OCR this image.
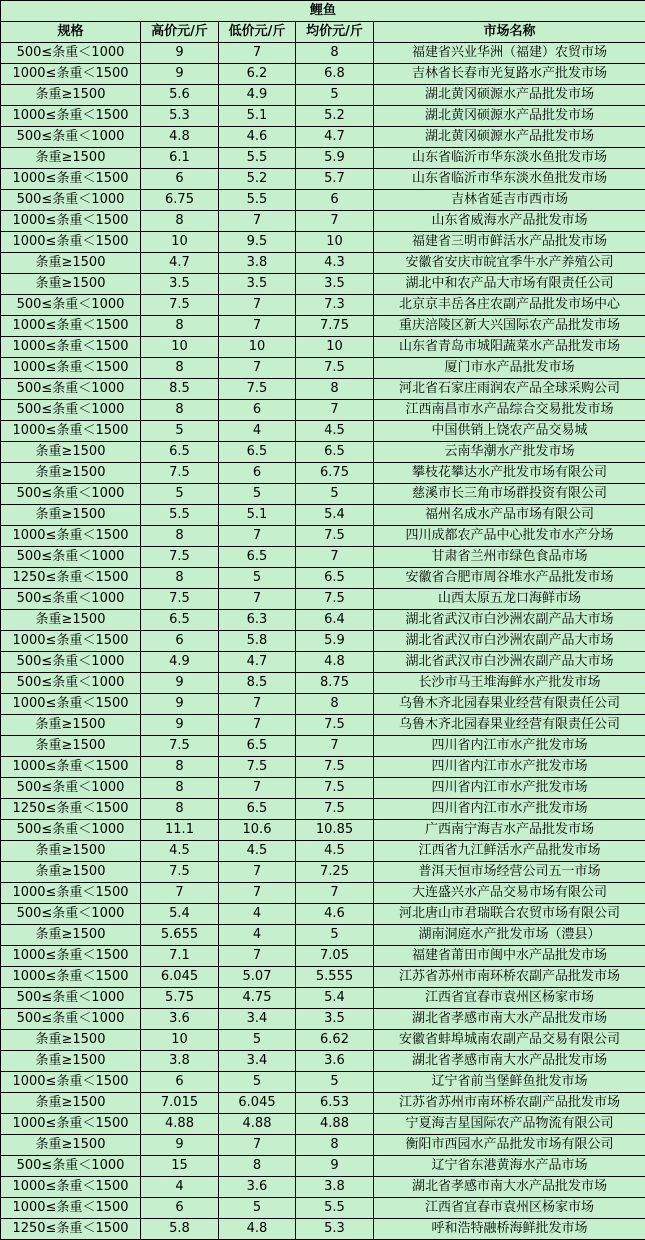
鲤鱼				
规格	高价元/斤	低价元/斤	均价元/斤	市场名称
500≤条重＜1000	9	7	8	福建省兴业华洲（福建）农贸市场
1000≤条重＜1500	9	6.2	6.8	吉林省长春市光复路水产批发市场
条重≥1500	5.6	4.9	5	湖北黄冈硕源水产品批发市场
1000≤条重＜1500	5.3	5.1	5.2	湖北黄冈硕源水产品批发市场
500≤条重＜1000	4.8	4.6	4.7	湖北黄冈硕源水产品批发市场
条重≥1500	6.1	5.5	5.9	山东省临沂市华东淡水鱼批发市场
1000≤条重＜1500	6	5.2	5.7	山东省临沂市华东淡水鱼批发市场
500≤条重＜1000	6.75	5.5	6	吉林省延吉市西市场
1000≤条重＜1500	8	7	7	山东省威海水产品批发市场
1000≤条重＜1500	10	9.5	10	福建省三明市鲜活水产品批发市场
条重≥1500	4.7	3.8	4.3	安徽省安庆市皖宜季牛水产养殖公司
条重≥1500	3.5	3.5	3.5	湖北中和农产品大市场有限责任公司
500≤条重＜1000	7.5	7	7.3	北京京丰岳各庄农副产品批发市场中心
1000≤条重＜1500	8	7	7.75	重庆涪陵区新大兴国际农产品批发市场
1000≤条重＜1500	10	10	10	山东省青岛市城阳蔬菜水产品批发市场
1000≤条重＜1500	8	7	7.5	厦门市水产品批发市场
500≤条重＜1000	8.5	7.5	8	河北省石家庄雨润农产品全球采购公司
500≤条重＜1000	8	6	7	江西南昌市水产品综合交易批发市场
1000≤条重＜1500	5	4	4.5	中国供销上饶农产品交易城
条重≥1500	6.5	6.5	6.5	云南华潮水产批发市场
条重≥1500	7.5	6	6.75	攀枝花攀达水产批发市场有限公司
500≤条重＜1000	5	5	5	慈溪市长三角市场群投资有限公司
条重≥1500	5.5	5.1	5.4	福州名成水产品市场有限公司
1000≤条重＜1500	8	7	7.5	四川成都农产品中心批发市水产分场
500≤条重＜1000	7.5	6.5	7	甘肃省兰州市绿色食品市场
1250≤条重＜1500	8	5	6.5	安徽省合肥市周谷堆水产品批发市场
500≤条重＜1000	7.5	7	7.5	山西太原五龙口海鲜市场
条重≥1500	6.5	6.3	6.4	湖北省武汉市白沙洲农副产品大市场
1000≤条重＜1500	6	5.8	5.9	湖北省武汉市白沙洲农副产品大市场
500≤条重＜1000	4.9	4.7	4.8	湖北省武汉市白沙洲农副产品大市场
500≤条重＜1000	9	8.5	8.75	长沙市马王堆海鲜水产批发市场
1000≤条重＜1500	9	7	8	乌鲁木齐北园春果业经营有限责任公司
条重≥1500	9	7	7.5	乌鲁木齐北园春果业经营有限责任公司
条重≥1500	7.5	6.5	7	四川省内江市水产批发市场
1000≤条重＜1500	8	7.5	7.5	四川省内江市水产批发市场
500≤条重＜1000	8	7	7.5	四川省内江市水产批发市场
1250≤条重＜1500	8	6.5	7.5	四川省内江市水产批发市场
500≤条重＜1000	11.1	10.6	10.85	广西南宁海吉水产品批发市场
条重≥1500	4.5	4.5	4.5	江西省九江鲜活水产品批发市场
条重≥1500	7.5	7	7.25	普洱天恒市场经营公司五一市场
1000≤条重＜1500	7	7	7	大连盛兴水产品交易市场有限公司
500≤条重＜1000	5.4	4	4.6	河北唐山市君瑞联合农贸市场有限公司
条重≥1500	5.655	4	5	湖南洞庭水产批发市场（澧县）
1000≤条重＜1500	7.1	7	7.05	福建省莆田市闽中水产品批发市场
1000≤条重＜1500	6.045	5.07	5.555	江苏省苏州市南环桥农副产品批发市场
500≤条重＜1000	5.75	4.75	5.4	江西省宜春市袁州区杨家市场
500≤条重＜1000	3.6	3.4	3.5	湖北省孝感市南大水产品批发市场
条重≥1500	10	5	6.62	安徽省蚌埠城南农副产品交易有限公司
条重≥1500	3.8	3.4	3.6	湖北省孝感市南大水产品批发市场
1000≤条重＜1500	6	5	5	辽宁省前当堡鲜鱼批发市场
条重≥1500	7.015	6.045	6.53	江苏省苏州市南环桥农副产品批发市场
1000≤条重＜1500	4.88	4.88	4.88	宁夏海吉星国际农产品物流有限公司
条重≥1500	9	7	8	衡阳市西园水产品批发市场有限公司
500≤条重＜1000	15	8	9	辽宁省东港黄海水产品市场
1000≤条重＜1500	4	3.6	3.8	湖北省孝感市南大水产品批发市场
1000≤条重＜1500	6	5	5.5	江西省宜春市袁州区杨家市场
1250≤条重＜1500	5.8	4.8	5.3	呼和浩特融桥海鲜批发市场
